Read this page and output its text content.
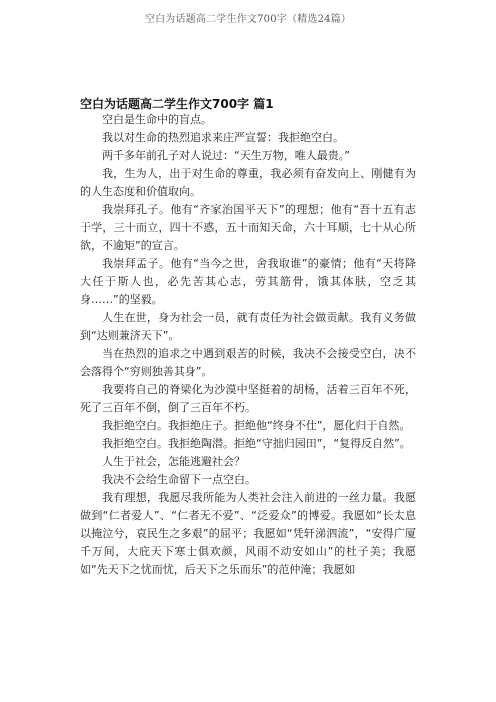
空白为话题高二学生作文700字（精选24篇）
空白为话题高二学生作文700字 篇1

空白是生命中的盲点。

我以对生命的热烈追求来庄严宣誓：我拒绝空白。

两千多年前孔子对人说过：“天生万物，唯人最贵。”

我，生为人，出于对生命的尊重，我必须有奋发向上、刚健有为的人生态度和价值取向。

我崇拜孔子。他有“齐家治国平天下”的理想；他有“吾十五有志于学，三十而立，四十不惑，五十而知天命，六十耳顺，七十从心所欲，不逾矩”的宣言。

我崇拜孟子。他有“当今之世，舍我取谁”的豪情；他有“天将降大任于斯人也，必先苦其心志，劳其筋骨，饿其体肤，空乏其身……”的坚毅。

人生在世，身为社会一员，就有责任为社会做贡献。我有义务做到“达则兼济天下”。

当在热烈的追求之中遇到艰苦的时候，我决不会接受空白，决不会落得个“穷则独善其身”。

我要将自己的脊梁化为沙漠中坚挺着的胡杨，活着三百年不死，死了三百年不倒，倒了三百年不朽。

我拒绝空白。我拒绝庄子。拒绝他“终身不仕”，愿化归于自然。

我拒绝空白。我拒绝陶潜。拒绝“守拙归园田”，“复得反自然”。

人生于社会，怎能逃避社会？

我决不会给生命留下一点空白。

我有理想，我愿尽我所能为人类社会注入前进的一丝力量。我愿做到“仁者爱人”、“仁者无不爱”、“泛爱众”的博爱。我愿如“长太息以掩泣兮，哀民生之多艰”的屈平；我愿如“凭轩涕泗流”，“安得广厦千万间，大庇天下寒士俱欢颜，风雨不动安如山”的杜子美；我愿如“先天下之忧而忧，后天下之乐而乐”的范仲淹；我愿如
